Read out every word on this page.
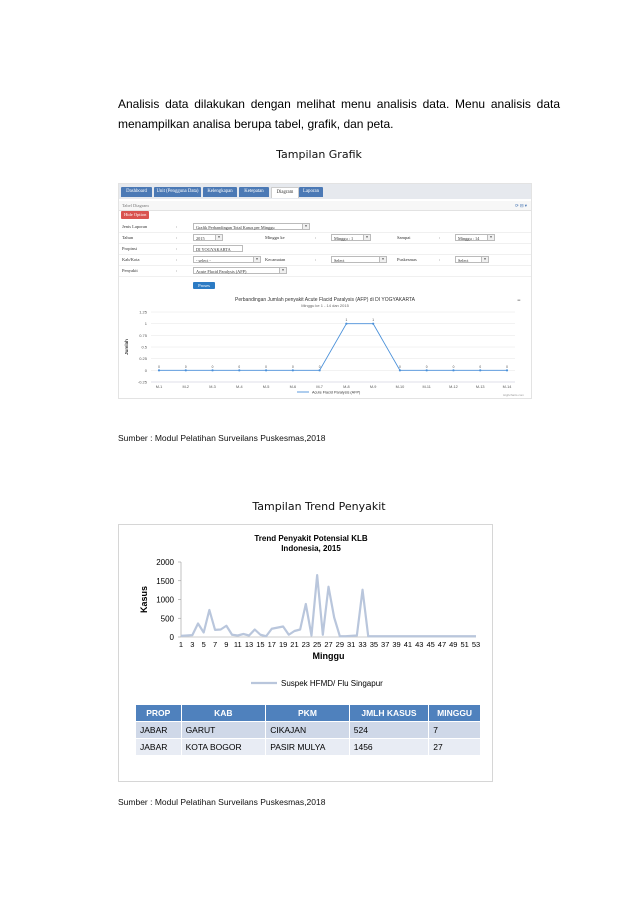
Analisis data dilakukan dengan melihat menu analisis data. Menu analisis data
menampilkan analisa berupa tabel, grafik, dan peta.
Tampilan Grafik
Dashboard	Unit (Pengguna Data)	Kelengkapan	Ketepatan	Diagram	Laporan
Tabel Diagram	⟳ ⊟ ▾
Hide Option
Jenis Laporan	:	Grafik Perbandingan Total Kasus per Minggu	▾
Tahun	:	2015	▾	Minggu ke	:	Minggu : 1	▾	Sampai	:	Minggu : 14	▾
Propinsi	:	DI YOGYAKARTA
Kab/Kota	:	- select -	▾	Kecamatan	:	Select	▾	Puskesmas	:	Select	▾
Penyakit	:	Acute Flacid Paralysis (AFP)	▾
Proses
Perbandingan Jumlah penyakit Acute Flacid Paralysis (AFP) di DI YOGYAKARTA
Minggu ke 1 - 14 dan 2015
≡
1.25
1
0.75
0.5
0.25
0
-0.25
Jumlah
M-1	M-2	M-3	M-4	M-5	M-6	M-7	M-8	M-9	M-10	M-11	M-12	M-13	M-14
0	0	0	0	0	0	0
1	1
0	0	0	0	0
Acute Flacid Paralysis (AFP)
Highcharts.com
Sumber : Modul Pelatihan Surveilans Puskesmas,2018
Tampilan Trend Penyakit
Trend Penyakit Potensial KLB
Indonesia, 2015
2000
1500
1000
500
0
Kasus
1 3 5 7 9 11 13 15 17 19 21 23 25 27 29 31 33 35 37 39 41 43 45 47 49 51 53
Minggu
Suspek HFMD/ Flu Singapur
PROP	KAB	PKM	JMLH KASUS	MINGGU
JABAR	GARUT	CIKAJAN	524	7
JABAR	KOTA BOGOR	PASIR MULYA	1456	27
Sumber : Modul Pelatihan Surveilans Puskesmas,2018
